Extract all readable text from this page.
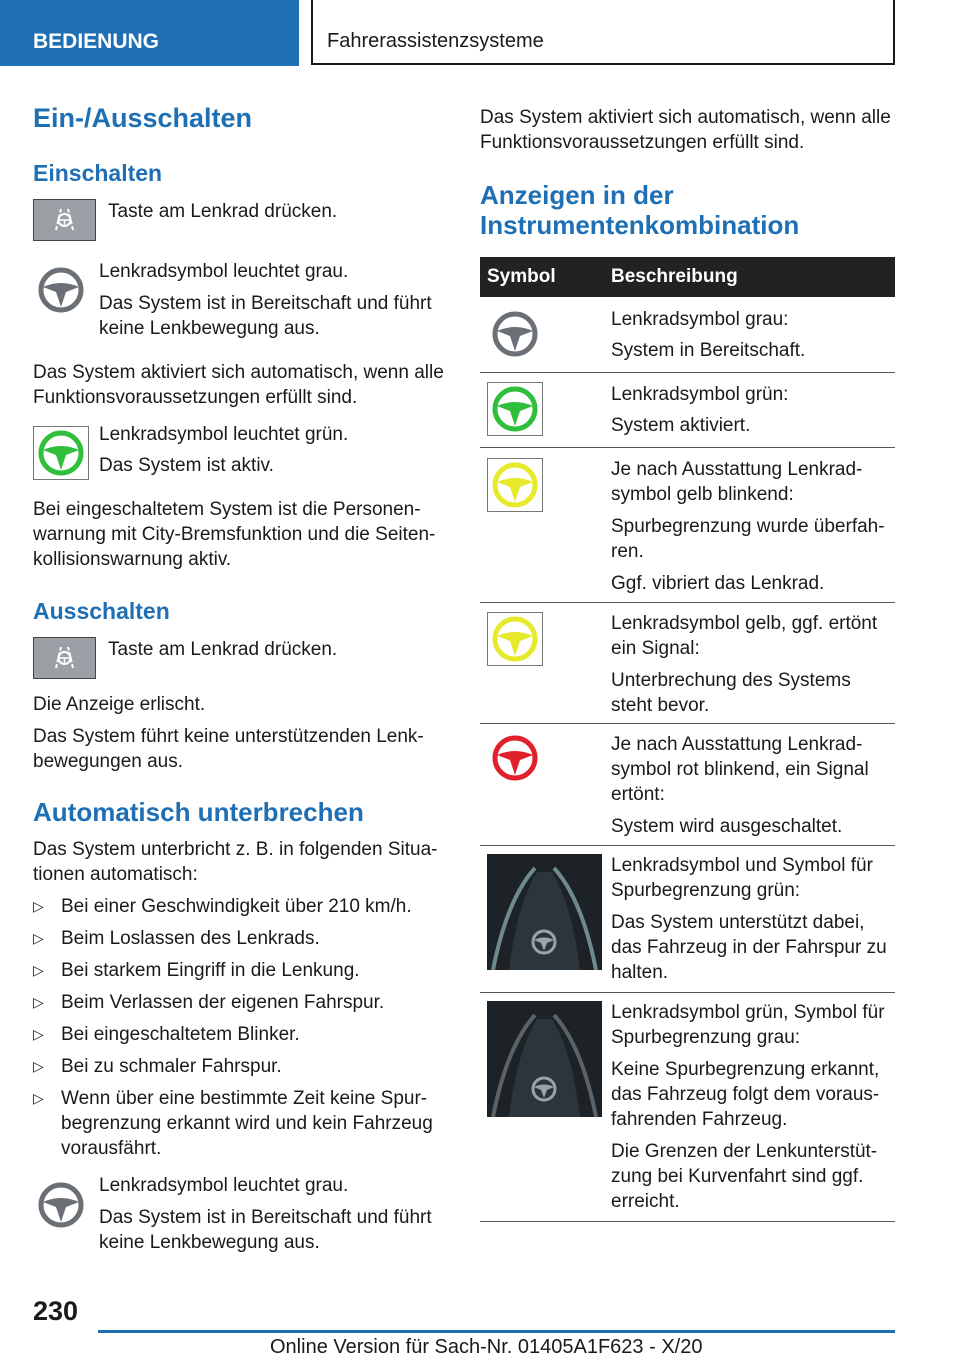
BEDIENUNG	Fahrerassistenzsysteme
Ein-/Ausschalten
Einschalten

Taste am Lenkrad drücken.

Lenkradsymbol leuchtet grau.

Das System ist in Bereitschaft und führt

keine Lenkbewegung aus.

Das System aktiviert sich automatisch, wenn alle

Funktionsvoraussetzungen erfüllt sind.

Lenkradsymbol leuchtet grün.

Das System ist aktiv.

Bei eingeschaltetem System ist die Personen-

warnung mit City-Bremsfunktion und die Seiten-

kollisionswarnung aktiv.

Ausschalten

Taste am Lenkrad drücken.

Die Anzeige erlischt.

Das System führt keine unterstützenden Lenk-

bewegungen aus.

Automatisch unterbrechen

Das System unterbricht z. B. in folgenden Situa-

tionen automatisch:

▷ Bei einer Geschwindigkeit über 210 km/h.

▷ Beim Loslassen des Lenkrads.

▷ Bei starkem Eingriff in die Lenkung.

▷ Beim Verlassen der eigenen Fahrspur.

▷ Bei eingeschaltetem Blinker.

▷ Bei zu schmaler Fahrspur.

▷ Wenn über eine bestimmte Zeit keine Spur-

begrenzung erkannt wird und kein Fahrzeug

vorausfährt.

Lenkradsymbol leuchtet grau.

Das System ist in Bereitschaft und führt

keine Lenkbewegung aus.

Das System aktiviert sich automatisch, wenn alle

Funktionsvoraussetzungen erfüllt sind.

Anzeigen in der
Instrumentenkombination
Symbol	Beschreibung

Lenkradsymbol grau:

System in Bereitschaft.

Lenkradsymbol grün:

System aktiviert.

Je nach Ausstattung Lenkrad-

symbol gelb blinkend:

Spurbegrenzung wurde überfah-

ren.

Ggf. vibriert das Lenkrad.

Lenkradsymbol gelb, ggf. ertönt

ein Signal:

Unterbrechung des Systems

steht bevor.

Je nach Ausstattung Lenkrad-

symbol rot blinkend, ein Signal

ertönt:

System wird ausgeschaltet.

Lenkradsymbol und Symbol für

Spurbegrenzung grün:

Das System unterstützt dabei,

das Fahrzeug in der Fahrspur zu

halten.

Lenkradsymbol grün, Symbol für

Spurbegrenzung grau:

Keine Spurbegrenzung erkannt,

das Fahrzeug folgt dem voraus-

fahrenden Fahrzeug.

Die Grenzen der Lenkunterstüt-

zung bei Kurvenfahrt sind ggf.

erreicht.

230
Online Version für Sach-Nr. 01405A1F623 - X/20
